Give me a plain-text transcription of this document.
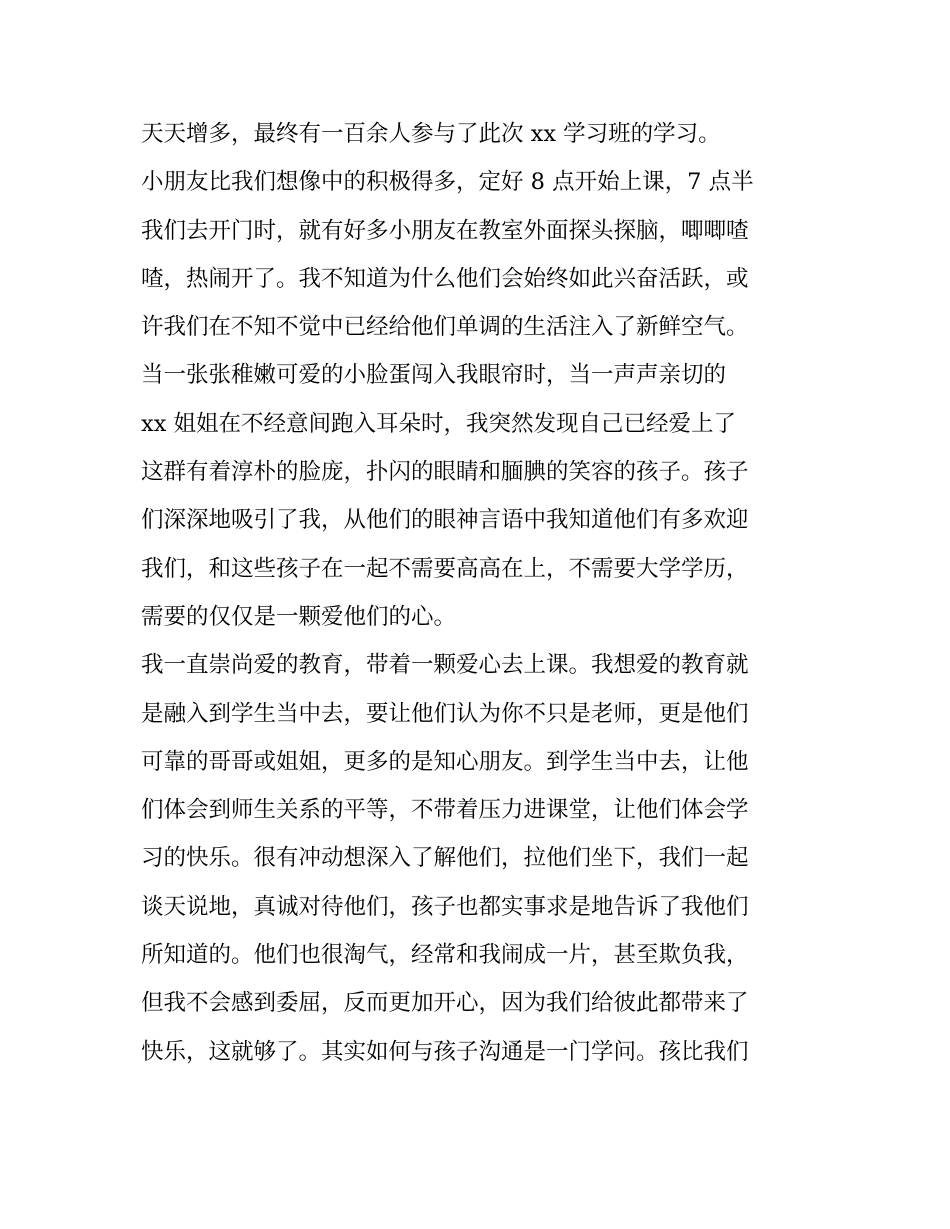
天天增多，最终有一百余人参与了此次 xx 学习班的学习。
小朋友比我们想像中的积极得多，定好 8 点开始上课，7 点半
我们去开门时，就有好多小朋友在教室外面探头探脑，唧唧喳
喳，热闹开了。我不知道为什么他们会始终如此兴奋活跃，或
许我们在不知不觉中已经给他们单调的生活注入了新鲜空气。
当一张张稚嫩可爱的小脸蛋闯入我眼帘时，当一声声亲切的
xx 姐姐在不经意间跑入耳朵时，我突然发现自己已经爱上了
这群有着淳朴的脸庞，扑闪的眼睛和腼腆的笑容的孩子。孩子
们深深地吸引了我，从他们的眼神言语中我知道他们有多欢迎
我们，和这些孩子在一起不需要高高在上，不需要大学学历，
需要的仅仅是一颗爱他们的心。
我一直崇尚爱的教育，带着一颗爱心去上课。我想爱的教育就
是融入到学生当中去，要让他们认为你不只是老师，更是他们
可靠的哥哥或姐姐，更多的是知心朋友。到学生当中去，让他
们体会到师生关系的平等，不带着压力进课堂，让他们体会学
习的快乐。很有冲动想深入了解他们，拉他们坐下，我们一起
谈天说地，真诚对待他们，孩子也都实事求是地告诉了我他们
所知道的。他们也很淘气，经常和我闹成一片，甚至欺负我，
但我不会感到委屈，反而更加开心，因为我们给彼此都带来了
快乐，这就够了。其实如何与孩子沟通是一门学问。孩比我们
